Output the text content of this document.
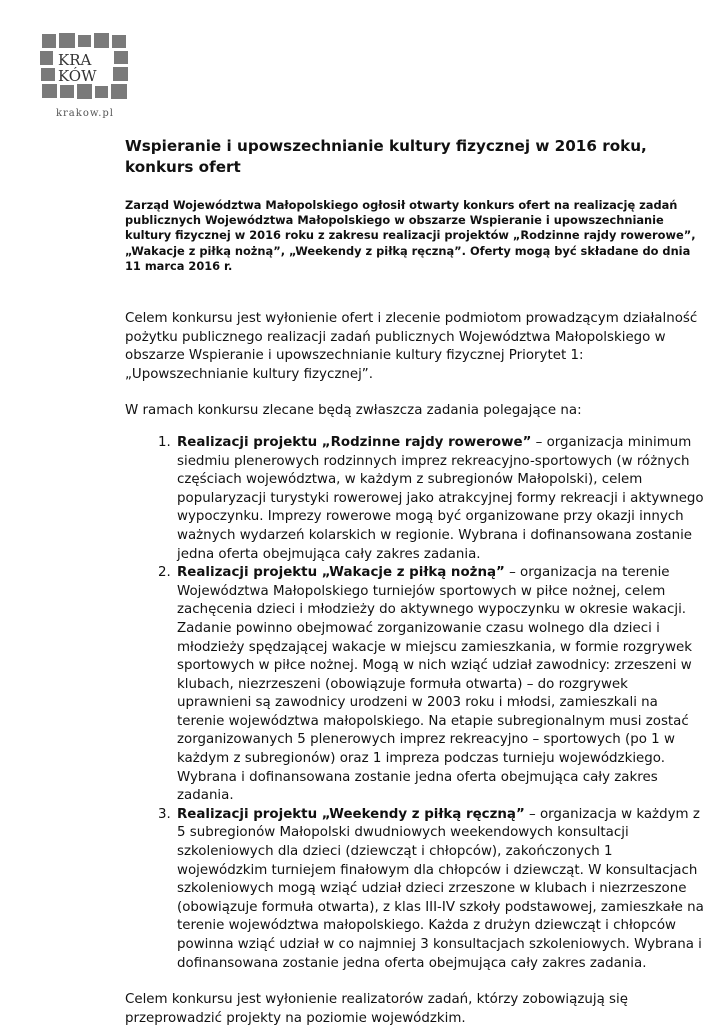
KRA
KÓW
krakow.pl
Wspieranie i upowszechnianie kultury fizycznej w 2016 roku, konkurs ofert

Zarząd Województwa Małopolskiego ogłosił otwarty konkurs ofert na realizację zadań publicznych Województwa Małopolskiego w obszarze Wspieranie i upowszechnianie kultury fizycznej w 2016 roku z zakresu realizacji projektów „Rodzinne rajdy rowerowe”, „Wakacje z piłką nożną”, „Weekendy z piłką ręczną”. Oferty mogą być składane do dnia 11 marca 2016 r.

Celem konkursu jest wyłonienie ofert i zlecenie podmiotom prowadzącym działalność pożytku publicznego realizacji zadań publicznych Województwa Małopolskiego w obszarze Wspieranie i upowszechnianie kultury fizycznej Priorytet 1: „Upowszechnianie kultury fizycznej”.

W ramach konkursu zlecane będą zwłaszcza zadania polegające na:

1. Realizacji projektu „Rodzinne rajdy rowerowe” – organizacja minimum siedmiu plenerowych rodzinnych imprez rekreacyjno-sportowych (w różnych częściach województwa, w każdym z subregionów Małopolski), celem popularyzacji turystyki rowerowej jako atrakcyjnej formy rekreacji i aktywnego wypoczynku. Imprezy rowerowe mogą być organizowane przy okazji innych ważnych wydarzeń kolarskich w regionie. Wybrana i dofinansowana zostanie jedna oferta obejmująca cały zakres zadania.
2. Realizacji projektu „Wakacje z piłką nożną” – organizacja na terenie Województwa Małopolskiego turniejów sportowych w piłce nożnej, celem zachęcenia dzieci i młodzieży do aktywnego wypoczynku w okresie wakacji. Zadanie powinno obejmować zorganizowanie czasu wolnego dla dzieci i młodzieży spędzającej wakacje w miejscu zamieszkania, w formie rozgrywek sportowych w piłce nożnej. Mogą w nich wziąć udział zawodnicy: zrzeszeni w klubach, niezrzeszeni (obowiązuje formuła otwarta) – do rozgrywek uprawnieni są zawodnicy urodzeni w 2003 roku i młodsi, zamieszkali na terenie województwa małopolskiego. Na etapie subregionalnym musi zostać zorganizowanych 5 plenerowych imprez rekreacyjno – sportowych (po 1 w każdym z subregionów) oraz 1 impreza podczas turnieju wojewódzkiego. Wybrana i dofinansowana zostanie jedna oferta obejmująca cały zakres zadania.
3. Realizacji projektu „Weekendy z piłką ręczną” – organizacja w każdym z 5 subregionów Małopolski dwudniowych weekendowych konsultacji szkoleniowych dla dzieci (dziewcząt i chłopców), zakończonych 1 wojewódzkim turniejem finałowym dla chłopców i dziewcząt. W konsultacjach szkoleniowych mogą wziąć udział dzieci zrzeszone w klubach i niezrzeszone (obowiązuje formuła otwarta), z klas III-IV szkoły podstawowej, zamieszkałe na terenie województwa małopolskiego. Każda z drużyn dziewcząt i chłopców powinna wziąć udział w co najmniej 3 konsultacjach szkoleniowych. Wybrana i dofinansowana zostanie jedna oferta obejmująca cały zakres zadania.

Celem konkursu jest wyłonienie realizatorów zadań, którzy zobowiązują się przeprowadzić projekty na poziomie wojewódzkim.
